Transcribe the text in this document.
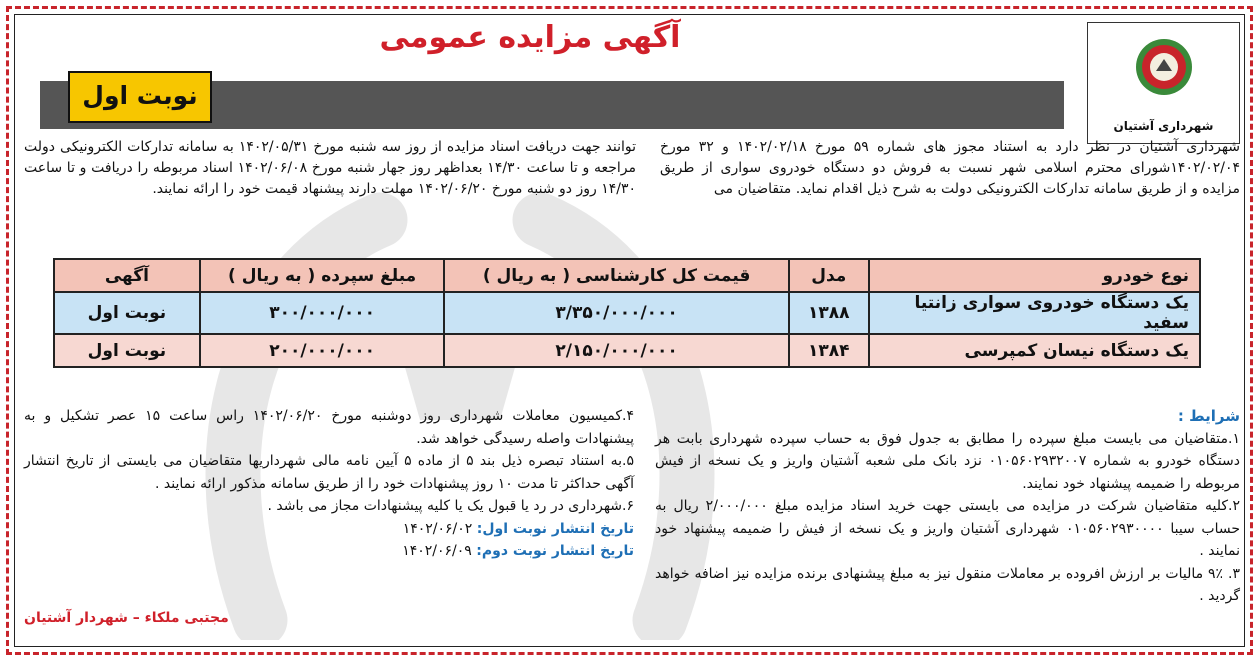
شهرداری آشتیان
آگهی مزایده عمومی
نوبت اول
شهرداری آشتیان در نظر دارد به استناد مجوز های شماره ۵۹ مورخ ۱۴۰۲/۰۲/۱۸ و ۳۲ مورخ ۱۴۰۲/۰۲/۰۴شورای محترم اسلامی شهر نسبت به فروش دو دستگاه خودروی سواری از طریق مزایده و از طریق سامانه تدارکات الکترونیکی دولت به شرح ذیل اقدام نماید. متقاضیان می
توانند جهت دریافت اسناد مزایده از روز سه شنبه مورخ ۱۴۰۲/۰۵/۳۱ به سامانه تدارکات الکترونیکی دولت مراجعه و تا ساعت ۱۴/۳۰ بعداظهر روز جهار شنبه مورخ ۱۴۰۲/۰۶/۰۸ اسناد مربوطه را دریافت و تا ساعت ۱۴/۳۰ روز دو شنبه مورخ ۱۴۰۲/۰۶/۲۰ مهلت دارند پیشنهاد قیمت خود را ارائه نمایند.
نوع خودرو	مدل	قیمت کل کارشناسی ( به ریال )	مبلغ سپرده ( به ریال )	آگهی
یک دستگاه خودروی سواری زانتیا سفید	۱۳۸۸	۳/۳۵۰/۰۰۰/۰۰۰	۳۰۰/۰۰۰/۰۰۰	نوبت اول
یک دستگاه نیسان کمپرسی	۱۳۸۴	۲/۱۵۰/۰۰۰/۰۰۰	۲۰۰/۰۰۰/۰۰۰	نوبت اول
شرایط :
۱.متقاضیان می بایست مبلغ سپرده را مطابق به جدول فوق به حساب سپرده شهرداری بابت هر دستگاه خودرو به شماره ۰۱۰۵۶۰۲۹۳۲۰۰۷ نزد بانک ملی شعبه آشتیان واریز و یک نسخه از فیش مربوطه را ضمیمه پیشنهاد خود نمایند.
۲.کلیه متقاضیان شرکت در مزایده می بایستی جهت خرید اسناد مزایده مبلغ ۲/۰۰۰/۰۰۰ ریال به حساب سیبا ۰۱۰۵۶۰۲۹۳۰۰۰۰ شهرداری آشتیان واریز و یک نسخه از فیش را ضمیمه پیشنهاد خود نمایند .
۳. ۹٪ مالیات بر ارزش افروده بر معاملات منقول نیز به مبلغ پیشنهادی برنده مزایده نیز اضافه خواهد گردید .
۴.کمیسیون معاملات شهرداری روز دوشنبه مورخ ۱۴۰۲/۰۶/۲۰ راس ساعت ۱۵ عصر تشکیل و به پیشنهادات واصله رسیدگی خواهد شد.
۵.به استناد تبصره ذیل بند ۵ از ماده ۵ آیین نامه مالی شهرداریها متقاضیان می بایستی از تاریخ انتشار آگهی حداکثر تا مدت ۱۰ روز پیشنهادات خود را از طریق سامانه مذکور ارائه نمایند .
۶.شهرداری در رد یا قبول یک یا کلیه پیشنهادات مجاز می باشد .
تاریخ انتشار نوبت اول: ۱۴۰۲/۰۶/۰۲
تاریخ انتشار نوبت دوم: ۱۴۰۲/۰۶/۰۹
مجتبی ملکاء – شهردار آشتیان
